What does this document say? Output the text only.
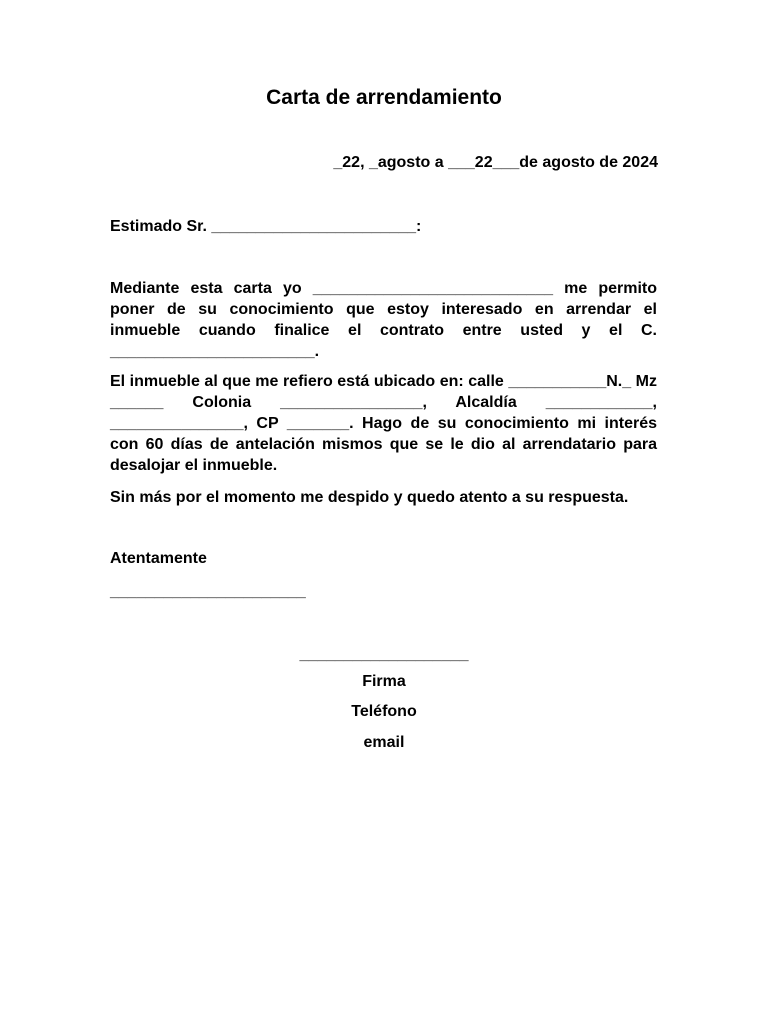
Carta de arrendamiento

_22, _agosto a ___22___de agosto de 2024

Estimado Sr. _______________________:

Mediante esta carta yo ___________________________ me permito poner de su conocimiento que estoy interesado en arrendar el inmueble cuando finalice el contrato entre usted y el C. _______________________.

El inmueble al que me refiero está ubicado en: calle ___________N._ Mz ______ Colonia ________________, Alcaldía ____________, _______________, CP _______. Hago de su conocimiento mi interés con 60 días de antelación mismos que se le dio al arrendatario para desalojar el inmueble.

Sin más por el momento me despido y quedo atento a su respuesta.

Atentamente

______________________

___________________

Firma

Teléfono

email
